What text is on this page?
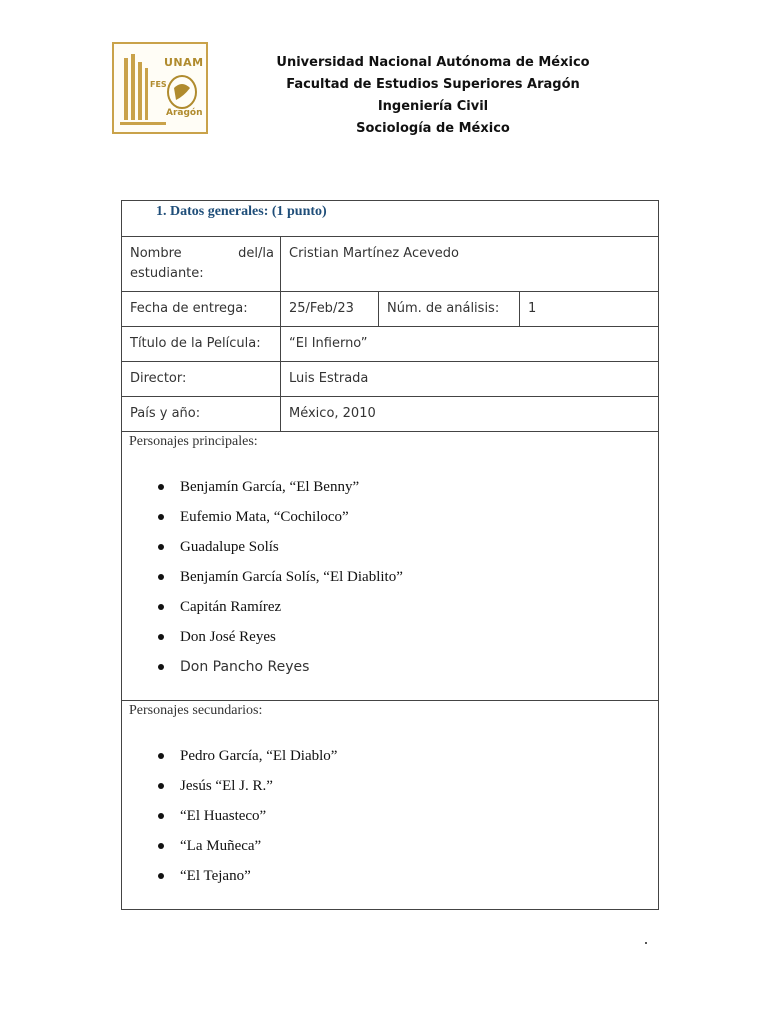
UNAM
FES
Aragón
Universidad Nacional Autónoma de México
Facultad de Estudios Superiores Aragón
Ingeniería Civil
Sociología de México
1. Datos generales: (1 punto)
Nombre del/la estudiante:
Cristian Martínez Acevedo
Fecha de entrega:	25/Feb/23	Núm. de análisis:	1
Título de la Película:	“El Infierno”
Director:	Luis Estrada
País y año:	México, 2010
Personajes principales:
Benjamín García, “El Benny”
Eufemio Mata, “Cochiloco”
Guadalupe Solís
Benjamín García Solís, “El Diablito”
Capitán Ramírez
Don José Reyes
Don Pancho Reyes
Personajes secundarios:
Pedro García, “El Diablo”
Jesús “El J. R.”
“El Huasteco”
“La Muñeca”
“El Tejano”
